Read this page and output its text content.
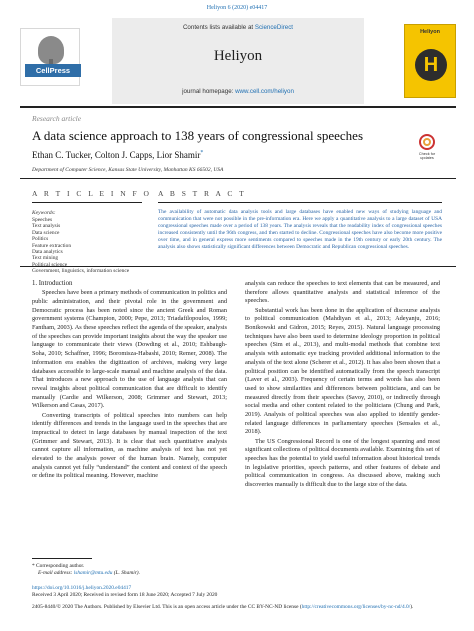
Heliyon 6 (2020) e04417
Contents lists available at ScienceDirect
Heliyon
journal homepage: www.cell.com/heliyon
Heliyon
H
CellPress
Research article
A data science approach to 138 years of congressional speeches
Ethan C. Tucker, Colton J. Capps, Lior Shamir*
Department of Computer Science, Kansas State University, Manhattan KS 66502, USA
Check for updates
A R T I C L E I N F O A B S T R A C T
Keywords:
Speeches
Text analysis
Data science
Politics
Feature extraction
Data analytics
Text mining
Political science
Government, linguistics, information science
The availability of automatic data analysis tools and large databases have enabled new ways of studying language and communication that were not possible in the pre-information era. Here we apply a quantitative analysis to a large dataset of USA congressional speeches made over a period of 138 years. The analysis reveals that the readability index of congressional speeches increased consistently until the 96th congress, and then started to decline. Congressional speeches have also become more positive over time, and in general express more sentiments compared to speeches made in the 19th century or early 20th century. The analysis also shows statistically significant differences between Democratic and Republican congressional speeches.

1. Introduction

Speeches have been a primary methods of communication in politics and public administration, and their pivotal role in the government and Democratic process has been noted since the ancient Greek and Roman government systems (Champion, 2000; Pepe, 2013; Triadafilopoulos, 1999; Fantham, 2003). As these speeches reflect the agenda of the speaker, analysis of the speeches can provide important insights about the way the speaker use language to communicate their views (Dowding et al., 2010; Eshbaugh-Soha, 2010; Schaffner, 1996; Boromisza-Habashi, 2010; Remer, 2008). The information era enables the digitization of archives, making very large databases accessible to large-scale manual and machine analysis of the data. That introduces a new approach to the use of language analysis that can reveal insights about political communication that are difficult to identify manually (Cardie and Wilkerson, 2008; Grimmer and Stewart, 2013; Wilkerson and Casas, 2017).

Converting transcripts of political speeches into numbers can help identify differences and trends in the language used in the speeches that are impractical to detect in large databases by manual inspection of the text (Grimmer and Stewart, 2013). It is clear that such quantitative analysis cannot capture all information, as machine analysis of text has not yet elevated to the analysis power of the human brain. Namely, computer analysis cannot yet fully “understand” the content and context of the speech or define its political meaning. However, machine

analysis can reduce the speeches to text elements that can be measured, and therefore allows quantitative analysis and statistical inference of the speeches.

Substantial work has been done in the application of discourse analysis to political communication (Mahdiyan et al., 2013; Adeyanju, 2016; Bonikowski and Gidron, 2015; Reyes, 2015). Natural language processing techniques have also been used to determine ideology proportion in political speeches (Sim et al., 2013), and multi-modal methods that combine text analysis with automatic eye tracking provided additional information to the analysis of the text alone (Scherer et al., 2012). It has also been shown that a political position can be identified automatically from the speech transcript (Laver et al., 2003). Frequency of certain terms and words has also been used to show similarities and differences between politicians, and can be measured directly from their speeches (Savoy, 2010), or indirectly through social media and other content related to the politicians (Chung and Park, 2019). Analysis of political speeches was also applied to identify gender-related language differences in parliamentary speeches (Sensales et al., 2018).

The US Congressional Record is one of the longest spanning and most significant collections of political documents available. Examining this set of speeches has the potential to yield useful information about historical trends in legislative priorities, speech patterns, and other features of debate and political communication in congress. As discussed above, making such discoveries manually is difficult due to the large size of the data.

* Corresponding author.
E-mail address: lshamir@mtu.edu (L. Shamir).
https://doi.org/10.1016/j.heliyon.2020.e04417
Received 3 April 2020; Received in revised form 18 June 2020; Accepted 7 July 2020
2405-8440/© 2020 The Authors. Published by Elsevier Ltd. This is an open access article under the CC BY-NC-ND license (http://creativecommons.org/licenses/by-nc-nd/4.0/).
